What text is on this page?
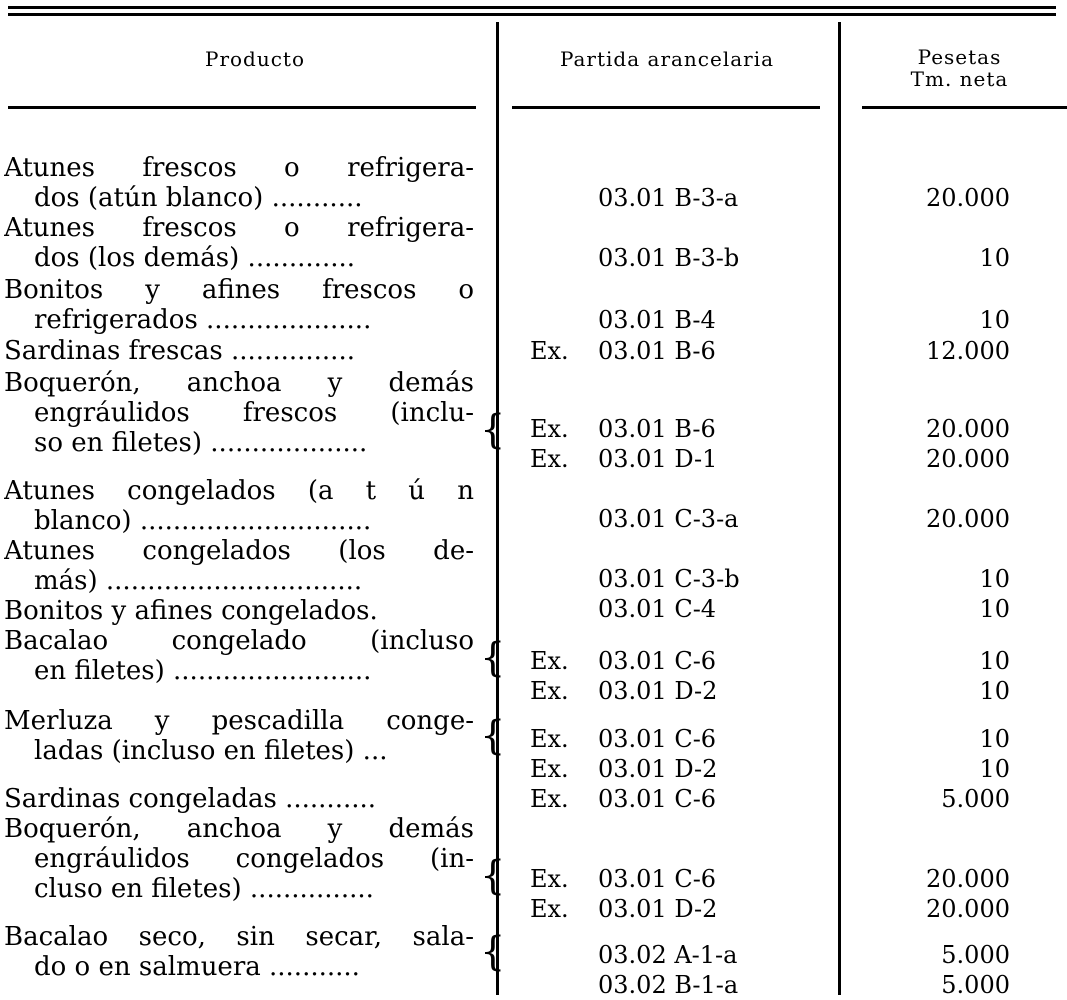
Producto	Partida arancelaria	Pesetas
Tm. neta
Atunes frescos o refrigera-
dos (atún blanco) ...........	03.01 B-3-a	20.000
Atunes frescos o refrigera-
dos (los demás) .............	03.01 B-3-b	10
Bonitos y afines frescos o
refrigerados ....................	03.01 B-4	10
Sardinas frescas ...............	Ex. 03.01 B-6	12.000
Boquerón, anchoa y demás
engráulidos frescos (inclu-
so en filetes) ...................	Ex. 03.01 B-6	20.000
Ex. 03.01 D-1	20.000
{
Atunes congelados (a t ú n
blanco) ............................	03.01 C-3-a	20.000
Atunes congelados (los de-
más) ...............................	03.01 C-3-b	10
Bonitos y afines congelados.	03.01 C-4	10
Bacalao congelado (incluso
en filetes) ........................	Ex. 03.01 C-6	10
Ex. 03.01 D-2	10
{
Merluza y pescadilla conge-
ladas (incluso en filetes) ...	Ex. 03.01 C-6	10
Ex. 03.01 D-2	10
{
Sardinas congeladas ...........	Ex. 03.01 C-6	5.000
Boquerón, anchoa y demás
engráulidos congelados (in-
cluso en filetes) ...............	Ex. 03.01 C-6	20.000
Ex. 03.01 D-2	20.000
{
Bacalao seco, sin secar, sala-
do o en salmuera ...........	03.02 A-1-a	5.000
03.02 B-1-a	5.000
{
